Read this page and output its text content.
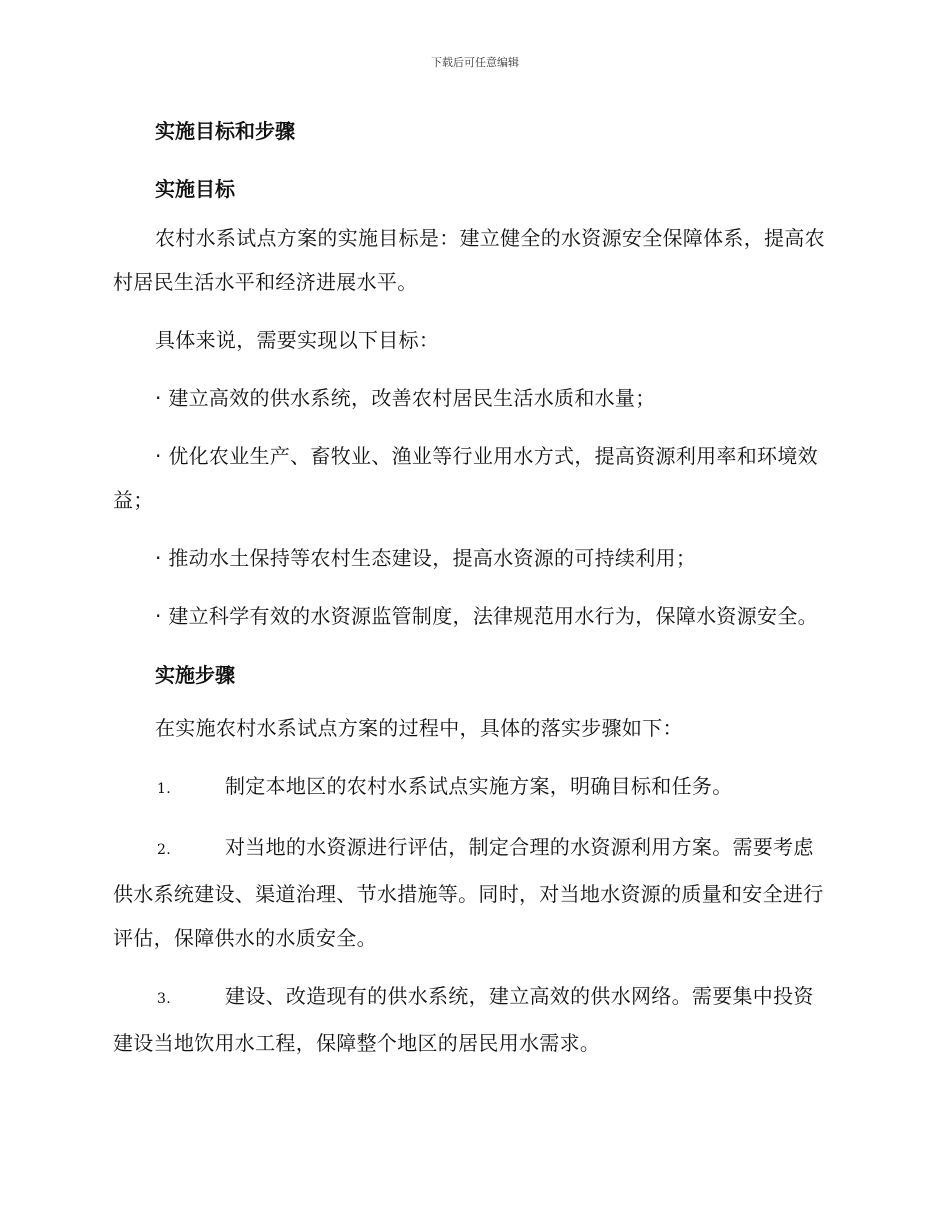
下载后可任意编辑

实施目标和步骤

实施目标

农村水系试点方案的实施目标是：建立健全的水资源安全保障体系，提高农村居民生活水平和经济进展水平。

具体来说，需要实现以下目标：

· 建立高效的供水系统，改善农村居民生活水质和水量；

· 优化农业生产、畜牧业、渔业等行业用水方式，提高资源利用率和环境效益；

· 推动水土保持等农村生态建设，提高水资源的可持续利用；

· 建立科学有效的水资源监管制度，法律规范用水行为，保障水资源安全。

实施步骤

在实施农村水系试点方案的过程中，具体的落实步骤如下：

1.	制定本地区的农村水系试点实施方案，明确目标和任务。

2.	对当地的水资源进行评估，制定合理的水资源利用方案。需要考虑供水系统建设、渠道治理、节水措施等。同时，对当地水资源的质量和安全进行评估，保障供水的水质安全。

3.	建设、改造现有的供水系统，建立高效的供水网络。需要集中投资建设当地饮用水工程，保障整个地区的居民用水需求。
